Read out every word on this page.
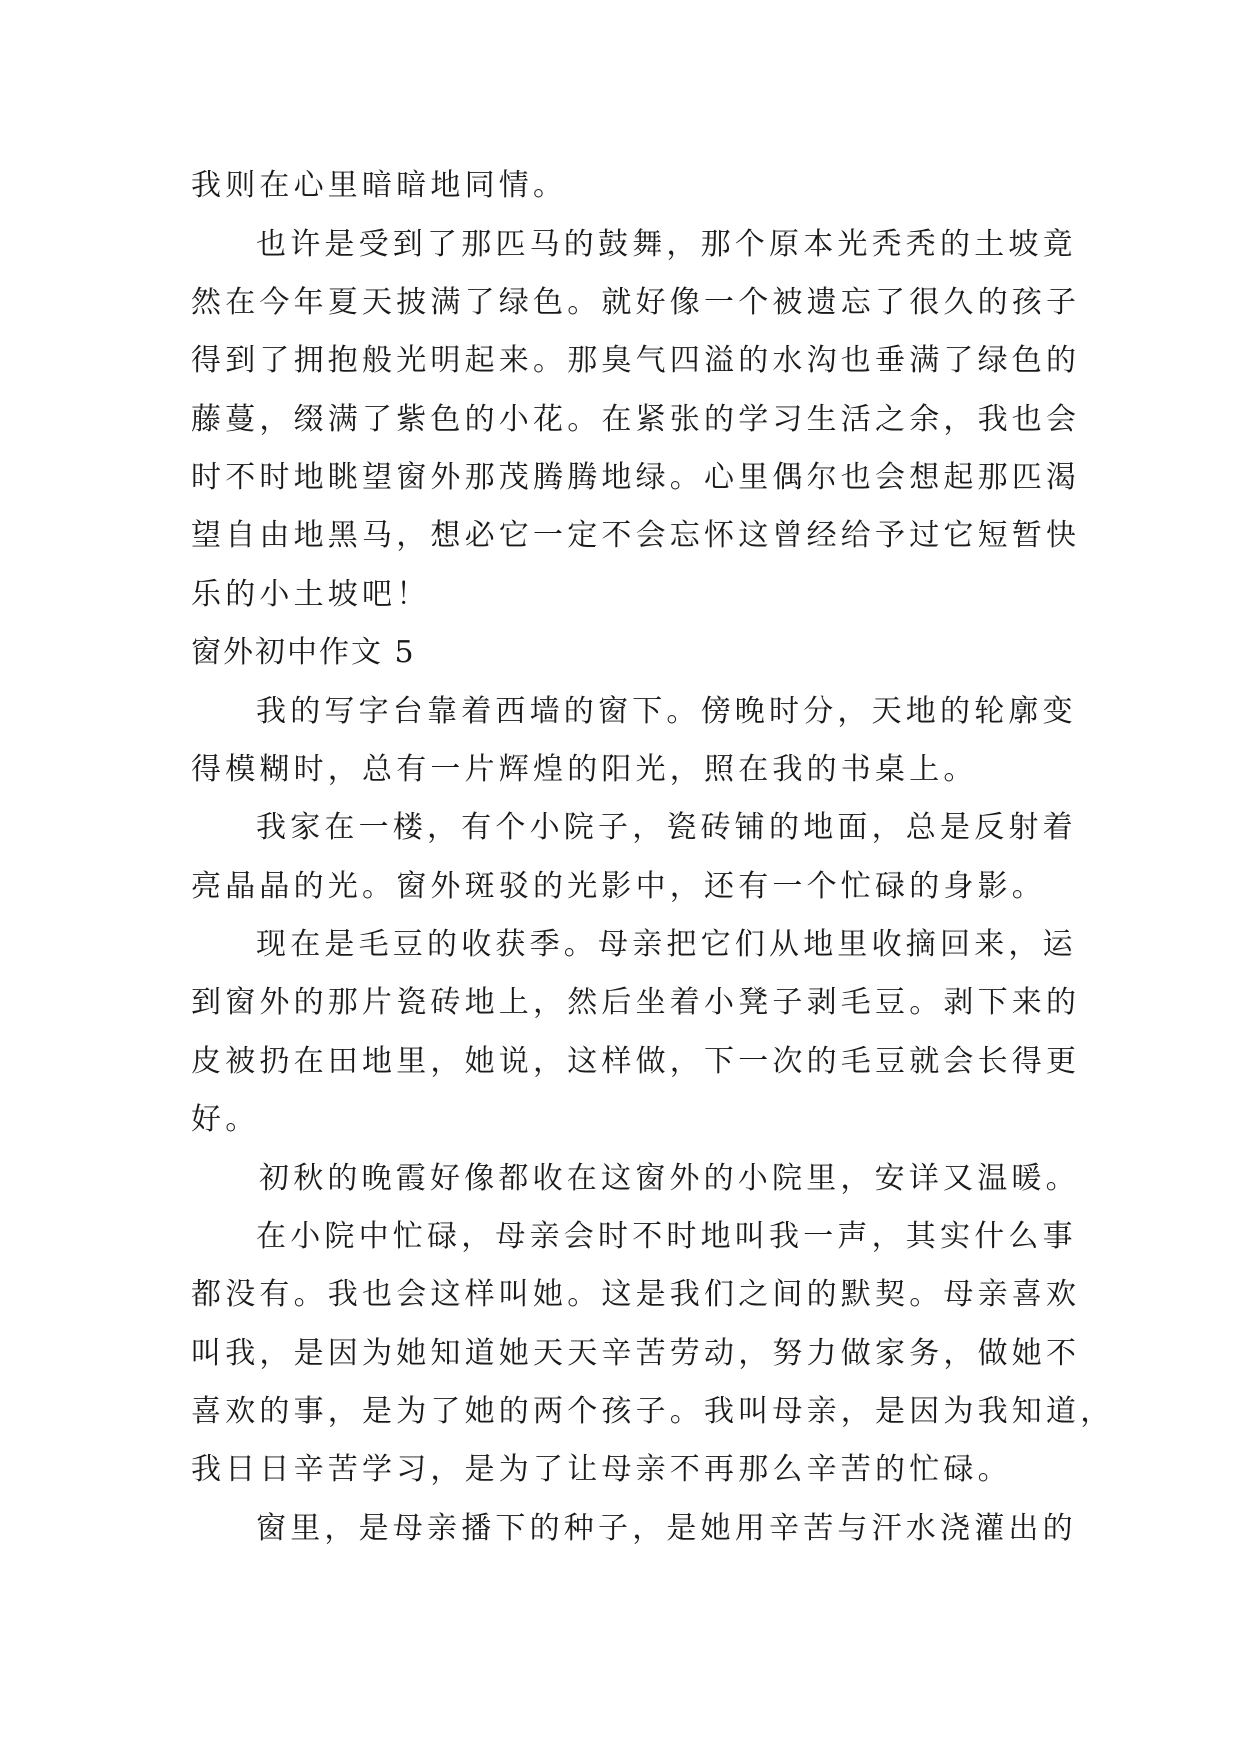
我则在心里暗暗地同情。
也许是受到了那匹马的鼓舞，那个原本光秃秃的土坡竟
然在今年夏天披满了绿色。就好像一个被遗忘了很久的孩子
得到了拥抱般光明起来。那臭气四溢的水沟也垂满了绿色的
藤蔓，缀满了紫色的小花。在紧张的学习生活之余，我也会
时不时地眺望窗外那茂腾腾地绿。心里偶尔也会想起那匹渴
望自由地黑马，想必它一定不会忘怀这曾经给予过它短暂快
乐的小土坡吧！
窗外初中作文 5
我的写字台靠着西墙的窗下。傍晚时分，天地的轮廓变
得模糊时，总有一片辉煌的阳光，照在我的书桌上。
我家在一楼，有个小院子，瓷砖铺的地面，总是反射着
亮晶晶的光。窗外斑驳的光影中，还有一个忙碌的身影。
现在是毛豆的收获季。母亲把它们从地里收摘回来，运
到窗外的那片瓷砖地上，然后坐着小凳子剥毛豆。剥下来的
皮被扔在田地里，她说，这样做，下一次的毛豆就会长得更
好。
初秋的晚霞好像都收在这窗外的小院里，安详又温暖。
在小院中忙碌，母亲会时不时地叫我一声，其实什么事
都没有。我也会这样叫她。这是我们之间的默契。母亲喜欢
叫我，是因为她知道她天天辛苦劳动，努力做家务，做她不
喜欢的事，是为了她的两个孩子。我叫母亲，是因为我知道，
我日日辛苦学习，是为了让母亲不再那么辛苦的忙碌。
窗里，是母亲播下的种子，是她用辛苦与汗水浇灌出的
